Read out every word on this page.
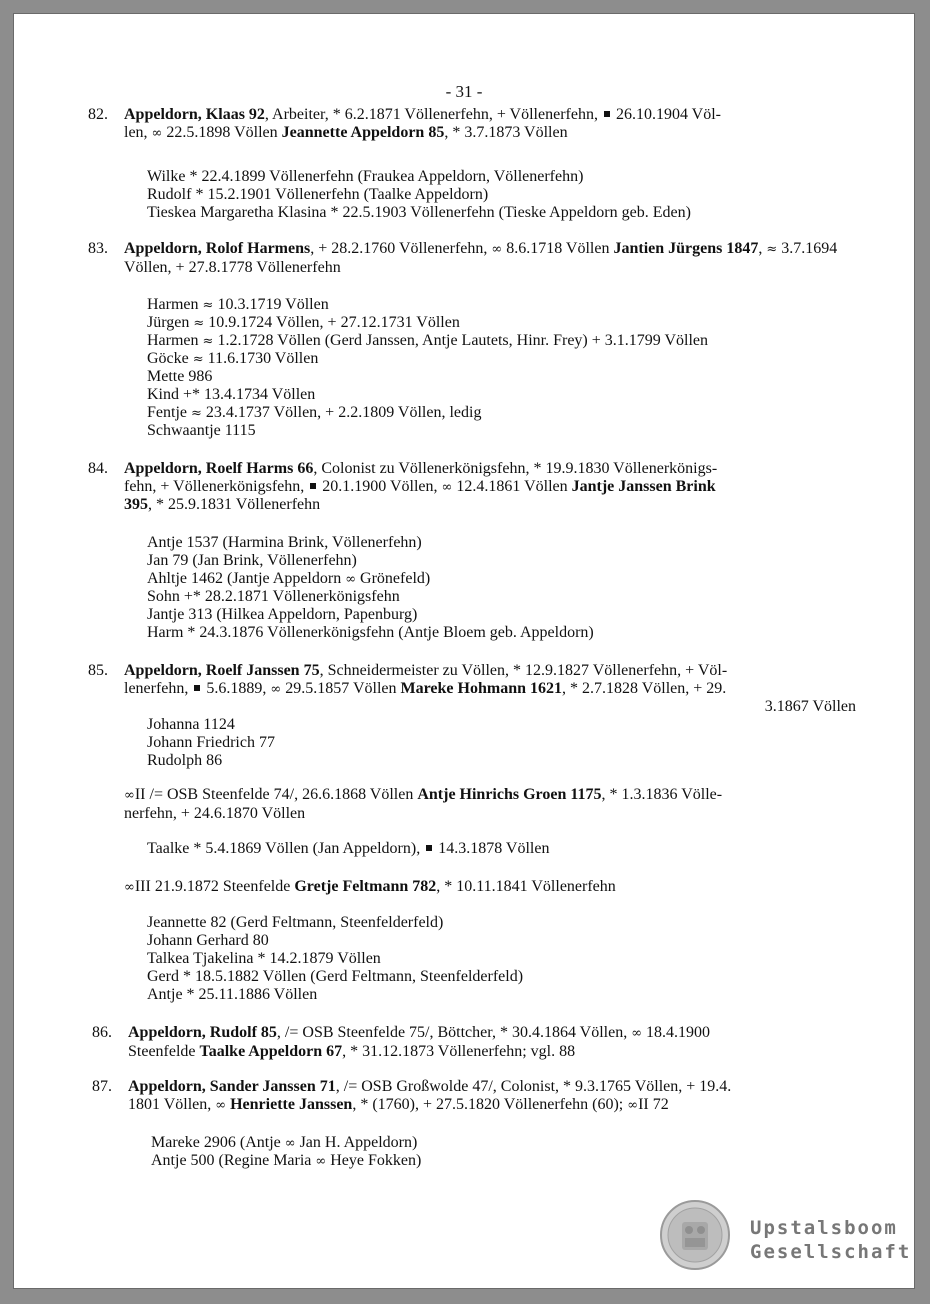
- 31 -
82. Appeldorn, Klaas 92, Arbeiter, * 6.2.1871 Völlenerfehn, + Völlenerfehn,  26.10.1904 Völ-
len, ∞ 22.5.1898 Völlen Jeannette Appeldorn 85, * 3.7.1873 Völlen
Wilke * 22.4.1899 Völlenerfehn (Fraukea Appeldorn, Völlenerfehn)
Rudolf * 15.2.1901 Völlenerfehn (Taalke Appeldorn)
Tieskea Margaretha Klasina * 22.5.1903 Völlenerfehn (Tieske Appeldorn geb. Eden)
83. Appeldorn, Rolof Harmens, + 28.2.1760 Völlenerfehn, ∞ 8.6.1718 Völlen Jantien Jürgens 1847, ≈ 3.7.1694 Völlen, + 27.8.1778 Völlenerfehn
Harmen ≈ 10.3.1719 Völlen
Jürgen ≈ 10.9.1724 Völlen, + 27.12.1731 Völlen
Harmen ≈ 1.2.1728 Völlen (Gerd Janssen, Antje Lautets, Hinr. Frey) + 3.1.1799 Völlen
Göcke ≈ 11.6.1730 Völlen
Mette 986
Kind +* 13.4.1734 Völlen
Fentje ≈ 23.4.1737 Völlen, + 2.2.1809 Völlen, ledig
Schwaantje 1115
84. Appeldorn, Roelf Harms 66, Colonist zu Völlenerkönigsfehn, * 19.9.1830 Völlenerkönigs-
fehn, + Völlenerkönigsfehn,  20.1.1900 Völlen, ∞ 12.4.1861 Völlen Jantje Janssen Brink
395, * 25.9.1831 Völlenerfehn
Antje 1537 (Harmina Brink, Völlenerfehn)
Jan 79 (Jan Brink, Völlenerfehn)
Ahltje 1462 (Jantje Appeldorn ∞ Grönefeld)
Sohn +* 28.2.1871 Völlenerkönigsfehn
Jantje 313 (Hilkea Appeldorn, Papenburg)
Harm * 24.3.1876 Völlenerkönigsfehn (Antje Bloem geb. Appeldorn)
85. Appeldorn, Roelf Janssen 75, Schneidermeister zu Völlen, * 12.9.1827 Völlenerfehn, + Völ-
lenerfehn,  5.6.1889, ∞ 29.5.1857 Völlen Mareke Hohmann 1621, * 2.7.1828 Völlen, + 29.
3.1867 Völlen
Johanna 1124
Johann Friedrich 77
Rudolph 86
∞II /= OSB Steenfelde 74/, 26.6.1868 Völlen Antje Hinrichs Groen 1175, * 1.3.1836 Völle-
nerfehn, + 24.6.1870 Völlen
Taalke * 5.4.1869 Völlen (Jan Appeldorn),  14.3.1878 Völlen
∞III 21.9.1872 Steenfelde Gretje Feltmann 782, * 10.11.1841 Völlenerfehn
Jeannette 82 (Gerd Feltmann, Steenfelderfeld)
Johann Gerhard 80
Talkea Tjakelina * 14.2.1879 Völlen
Gerd * 18.5.1882 Völlen (Gerd Feltmann, Steenfelderfeld)
Antje * 25.11.1886 Völlen
86. Appeldorn, Rudolf 85, /= OSB Steenfelde 75/, Böttcher, * 30.4.1864 Völlen, ∞ 18.4.1900
Steenfelde Taalke Appeldorn 67, * 31.12.1873 Völlenerfehn; vgl. 88
87. Appeldorn, Sander Janssen 71, /= OSB Großwolde 47/, Colonist, * 9.3.1765 Völlen, + 19.4.
1801 Völlen, ∞ Henriette Janssen, * (1760), + 27.5.1820 Völlenerfehn (60); ∞II 72
Mareke 2906 (Antje ∞ Jan H. Appeldorn)
Antje 500 (Regine Maria ∞ Heye Fokken)
Upstalsboom
Gesellschaft
